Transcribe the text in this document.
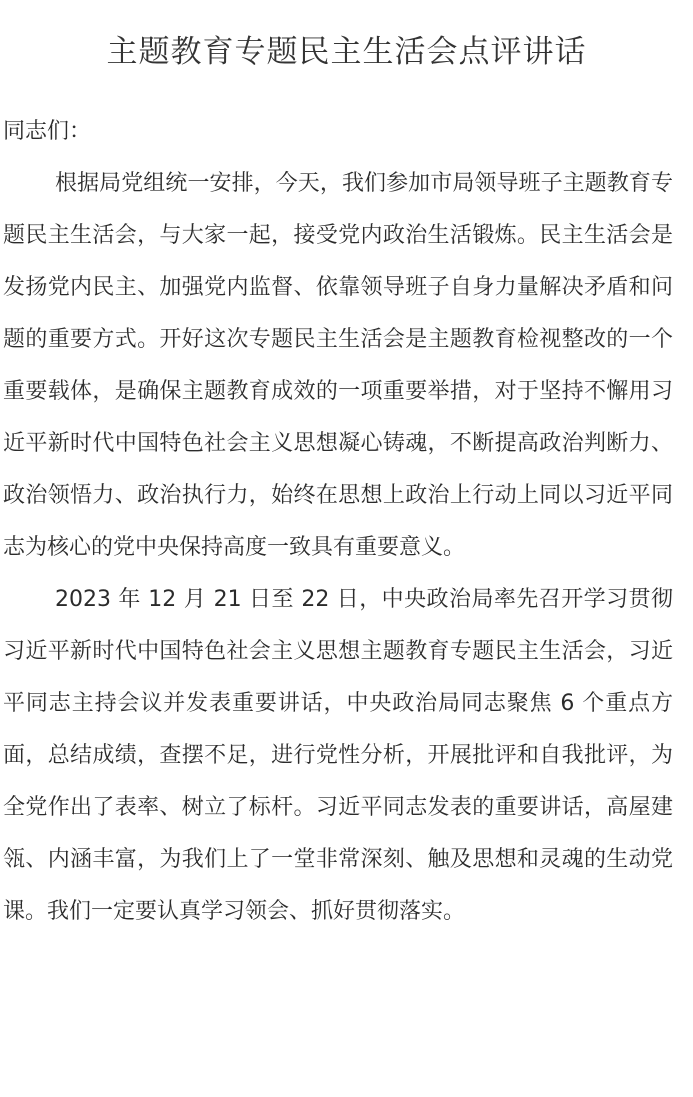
主题教育专题民主生活会点评讲话

同志们：

根据局党组统一安排，今天，我们参加市局领导班子主题教育专题民主生活会，与大家一起，接受党内政治生活锻炼。民主生活会是发扬党内民主、加强党内监督、依靠领导班子自身力量解决矛盾和问题的重要方式。开好这次专题民主生活会是主题教育检视整改的一个重要载体，是确保主题教育成效的一项重要举措，对于坚持不懈用习近平新时代中国特色社会主义思想凝心铸魂，不断提高政治判断力、政治领悟力、政治执行力，始终在思想上政治上行动上同以习近平同志为核心的党中央保持高度一致具有重要意义。

2023 年 12 月 21 日至 22 日，中央政治局率先召开学习贯彻习近平新时代中国特色社会主义思想主题教育专题民主生活会，习近平同志主持会议并发表重要讲话，中央政治局同志聚焦 6 个重点方面，总结成绩，查摆不足，进行党性分析，开展批评和自我批评，为全党作出了表率、树立了标杆。习近平同志发表的重要讲话，高屋建瓴、内涵丰富，为我们上了一堂非常深刻、触及思想和灵魂的生动党课。我们一定要认真学习领会、抓好贯彻落实。
